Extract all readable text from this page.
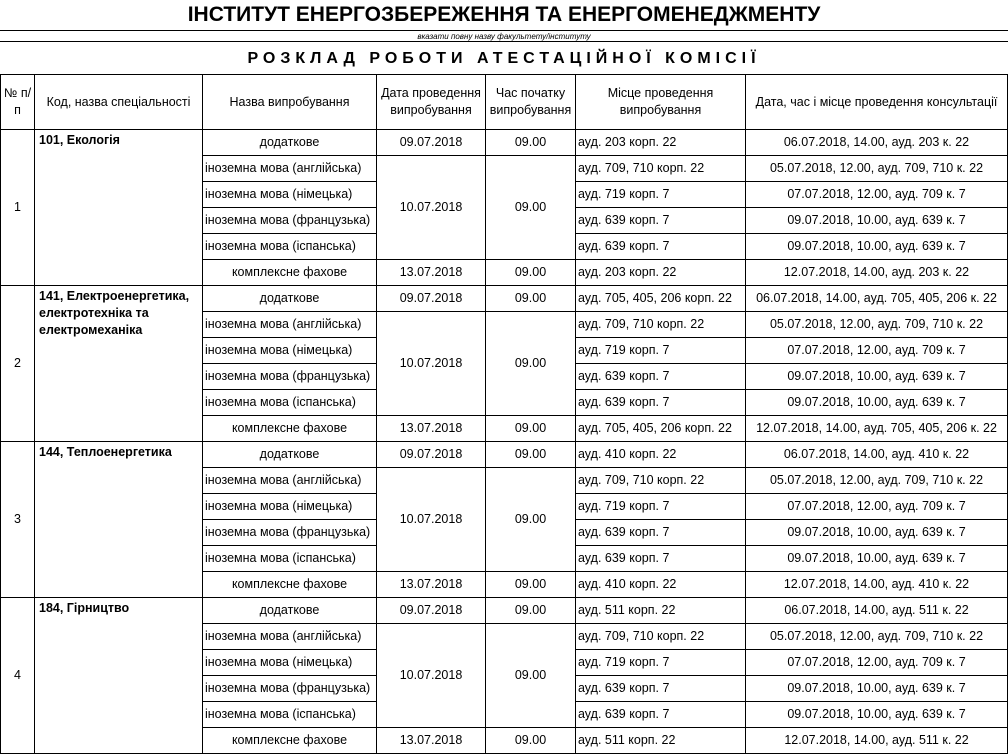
ІНСТИТУТ ЕНЕРГОЗБЕРЕЖЕННЯ ТА ЕНЕРГОМЕНЕДЖМЕНТУ
вказати повну назву факультету/інституту
РОЗКЛАД РОБОТИ АТЕСТАЦІЙНОЇ КОМІСІЇ
№ п/п	Код, назва спеціальності	Назва випробування	Дата проведення випробування	Час початку випробування	Місце проведення випробування	Дата, час і місце проведення консультації
1	101, Екологія	додаткове	09.07.2018	09.00	ауд. 203 корп. 22	06.07.2018, 14.00, ауд. 203 к. 22
		іноземна мова (англійська)	10.07.2018	09.00	ауд. 709, 710 корп. 22	05.07.2018, 12.00, ауд. 709, 710 к. 22
		іноземна мова (німецька)			ауд. 719 корп. 7	07.07.2018, 12.00, ауд. 709 к. 7
		іноземна мова (французька)			ауд. 639 корп. 7	09.07.2018, 10.00, ауд. 639 к. 7
		іноземна мова (іспанська)			ауд. 639 корп. 7	09.07.2018, 10.00, ауд. 639 к. 7
		комплексне фахове	13.07.2018	09.00	ауд. 203 корп. 22	12.07.2018, 14.00, ауд. 203 к. 22
2	141, Електроенергетика, електротехніка та електромеханіка	додаткове	09.07.2018	09.00	ауд. 705, 405, 206 корп. 22	06.07.2018, 14.00, ауд. 705, 405, 206 к. 22
		іноземна мова (англійська)	10.07.2018	09.00	ауд. 709, 710 корп. 22	05.07.2018, 12.00, ауд. 709, 710 к. 22
		іноземна мова (німецька)			ауд. 719 корп. 7	07.07.2018, 12.00, ауд. 709 к. 7
		іноземна мова (французька)			ауд. 639 корп. 7	09.07.2018, 10.00, ауд. 639 к. 7
		іноземна мова (іспанська)			ауд. 639 корп. 7	09.07.2018, 10.00, ауд. 639 к. 7
		комплексне фахове	13.07.2018	09.00	ауд. 705, 405, 206 корп. 22	12.07.2018, 14.00, ауд. 705, 405, 206 к. 22
3	144, Теплоенергетика	додаткове	09.07.2018	09.00	ауд. 410 корп. 22	06.07.2018, 14.00, ауд. 410 к. 22
		іноземна мова (англійська)	10.07.2018	09.00	ауд. 709, 710 корп. 22	05.07.2018, 12.00, ауд. 709, 710 к. 22
		іноземна мова (німецька)			ауд. 719 корп. 7	07.07.2018, 12.00, ауд. 709 к. 7
		іноземна мова (французька)			ауд. 639 корп. 7	09.07.2018, 10.00, ауд. 639 к. 7
		іноземна мова (іспанська)			ауд. 639 корп. 7	09.07.2018, 10.00, ауд. 639 к. 7
		комплексне фахове	13.07.2018	09.00	ауд. 410 корп. 22	12.07.2018, 14.00, ауд. 410 к. 22
4	184, Гірництво	додаткове	09.07.2018	09.00	ауд. 511 корп. 22	06.07.2018, 14.00, ауд. 511 к. 22
		іноземна мова (англійська)	10.07.2018	09.00	ауд. 709, 710 корп. 22	05.07.2018, 12.00, ауд. 709, 710 к. 22
		іноземна мова (німецька)			ауд. 719 корп. 7	07.07.2018, 12.00, ауд. 709 к. 7
		іноземна мова (французька)			ауд. 639 корп. 7	09.07.2018, 10.00, ауд. 639 к. 7
		іноземна мова (іспанська)			ауд. 639 корп. 7	09.07.2018, 10.00, ауд. 639 к. 7
		комплексне фахове	13.07.2018	09.00	ауд. 511 корп. 22	12.07.2018, 14.00, ауд. 511 к. 22
